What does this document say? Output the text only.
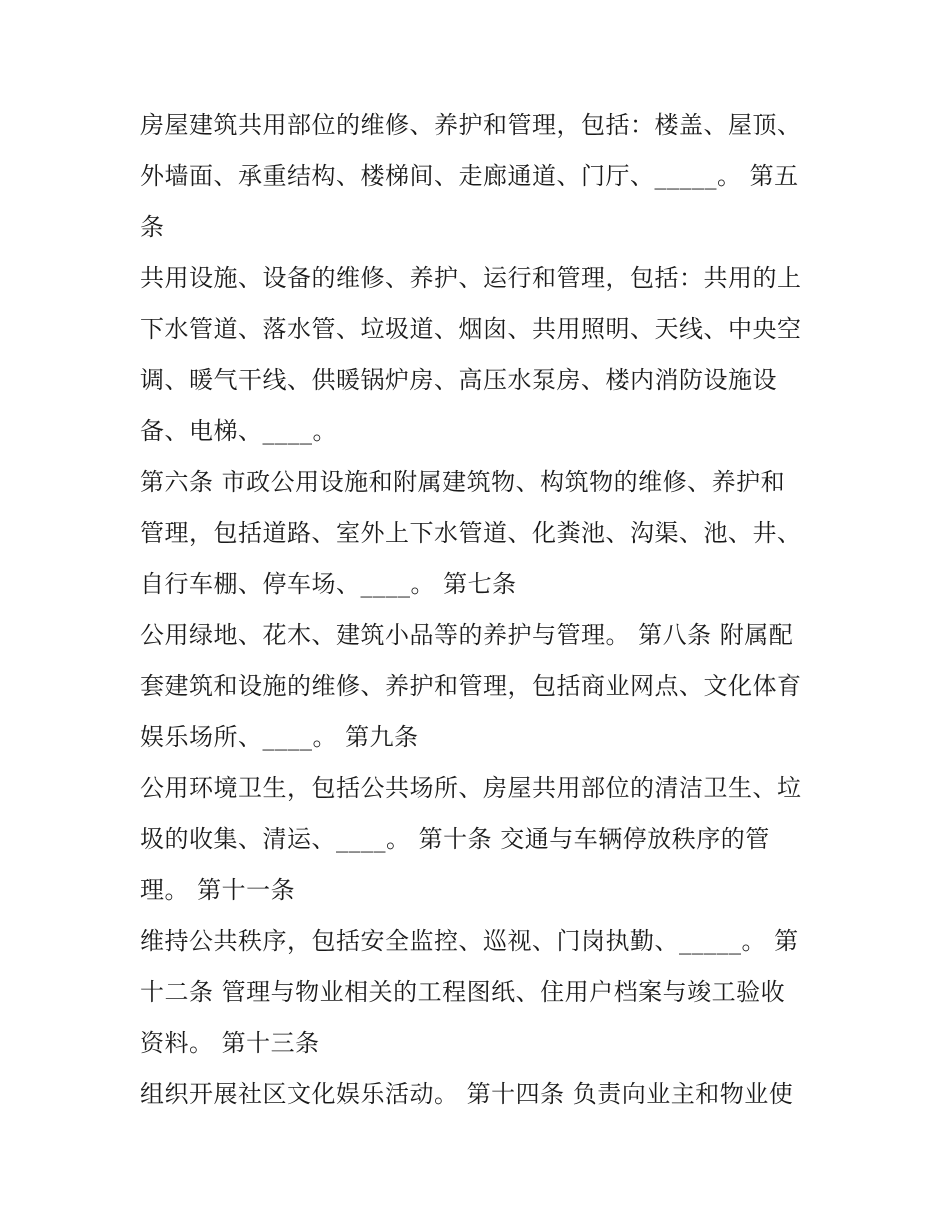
房屋建筑共用部位的维修、养护和管理，包括：楼盖、屋顶、
外墙面、承重结构、楼梯间、走廊通道、门厅、_____。 第五
条
共用设施、设备的维修、养护、运行和管理，包括：共用的上
下水管道、落水管、垃圾道、烟囱、共用照明、天线、中央空
调、暖气干线、供暖锅炉房、高压水泵房、楼内消防设施设
备、电梯、____。
第六条 市政公用设施和附属建筑物、构筑物的维修、养护和
管理，包括道路、室外上下水管道、化粪池、沟渠、池、井、
自行车棚、停车场、____。 第七条
公用绿地、花木、建筑小品等的养护与管理。 第八条 附属配
套建筑和设施的维修、养护和管理，包括商业网点、文化体育
娱乐场所、____。 第九条
公用环境卫生，包括公共场所、房屋共用部位的清洁卫生、垃
圾的收集、清运、____。 第十条 交通与车辆停放秩序的管
理。 第十一条
维持公共秩序，包括安全监控、巡视、门岗执勤、_____。 第
十二条 管理与物业相关的工程图纸、住用户档案与竣工验收
资料。 第十三条
组织开展社区文化娱乐活动。 第十四条 负责向业主和物业使
